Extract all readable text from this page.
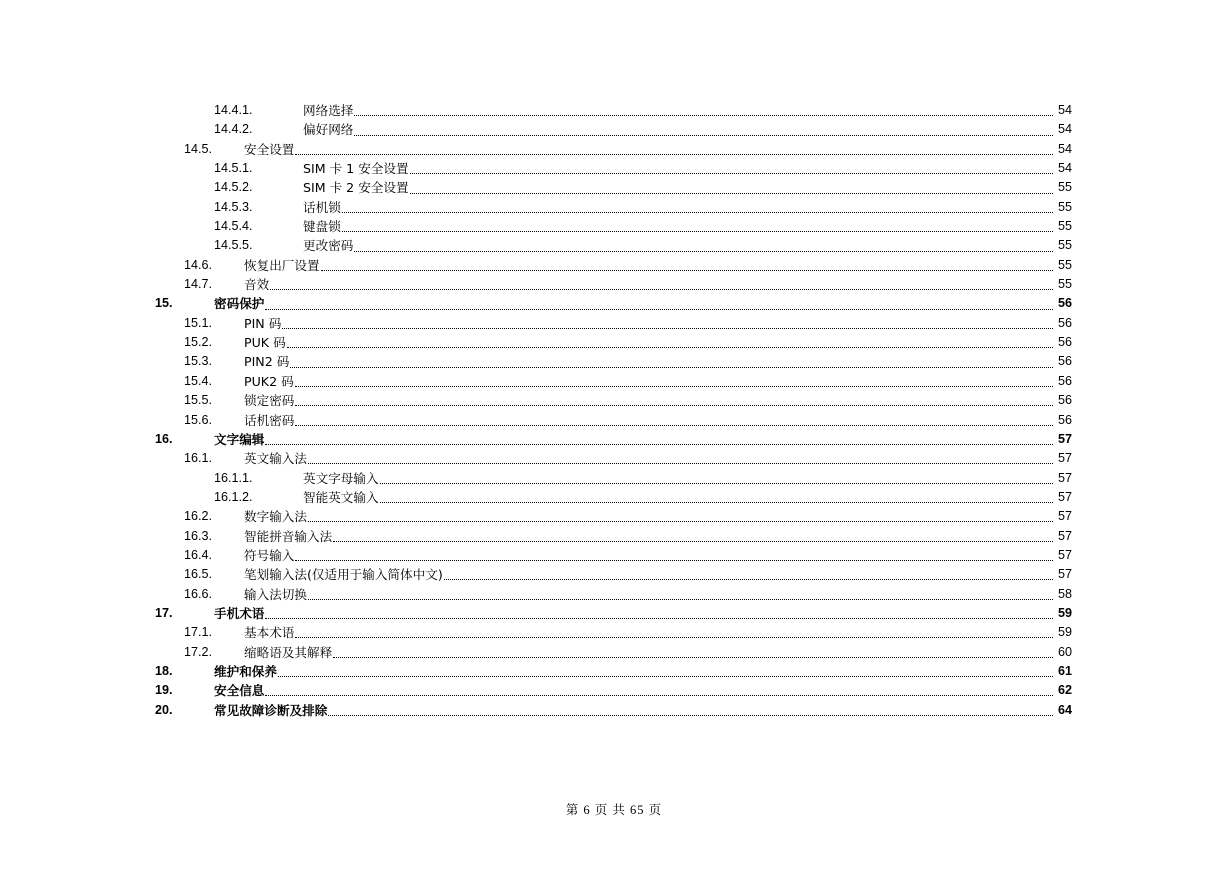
14.4.1.	网络选择	54
14.4.2.	偏好网络	54
14.5.	安全设置	54
14.5.1.	SIM 卡 1 安全设置	54
14.5.2.	SIM 卡 2 安全设置	55
14.5.3.	话机锁	55
14.5.4.	键盘锁	55
14.5.5.	更改密码	55
14.6.	恢复出厂设置	55
14.7.	音效	55
15.	密码保护	56
15.1.	PIN 码	56
15.2.	PUK 码	56
15.3.	PIN2 码	56
15.4.	PUK2 码	56
15.5.	锁定密码	56
15.6.	话机密码	56
16.	文字编辑	57
16.1.	英文输入法	57
16.1.1.	英文字母输入	57
16.1.2.	智能英文输入	57
16.2.	数字输入法	57
16.3.	智能拼音输入法	57
16.4.	符号输入	57
16.5.	笔划输入法(仅适用于输入简体中文)	57
16.6.	输入法切换	58
17.	手机术语	59
17.1.	基本术语	59
17.2.	缩略语及其解释	60
18.	维护和保养	61
19.	安全信息	62
20.	常见故障诊断及排除	64
第 6 页 共 65 页
